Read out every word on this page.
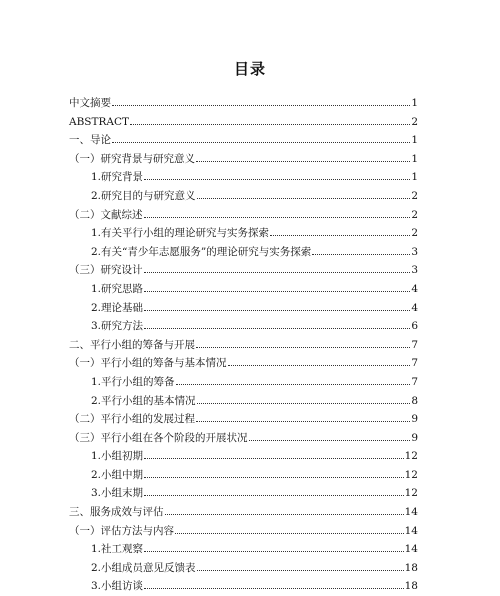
目录
中文摘要	1
ABSTRACT	2
一、导论	1
（一）研究背景与研究意义	1
1.研究背景	1
2.研究目的与研究意义	2
（二）文献综述	2
1.有关平行小组的理论研究与实务探索	2
2.有关“青少年志愿服务”的理论研究与实务探索	3
（三）研究设计	3
1.研究思路	4
2.理论基础	4
3.研究方法	6
二、平行小组的筹备与开展	7
（一）平行小组的筹备与基本情况	7
1.平行小组的筹备	7
2.平行小组的基本情况	8
（二）平行小组的发展过程	9
（三）平行小组在各个阶段的开展状况	9
1.小组初期	12
2.小组中期	12
3.小组末期	12
三、服务成效与评估	14
（一）评估方法与内容	14
1.社工观察	14
2.小组成员意见反馈表	18
3.小组访谈	18
